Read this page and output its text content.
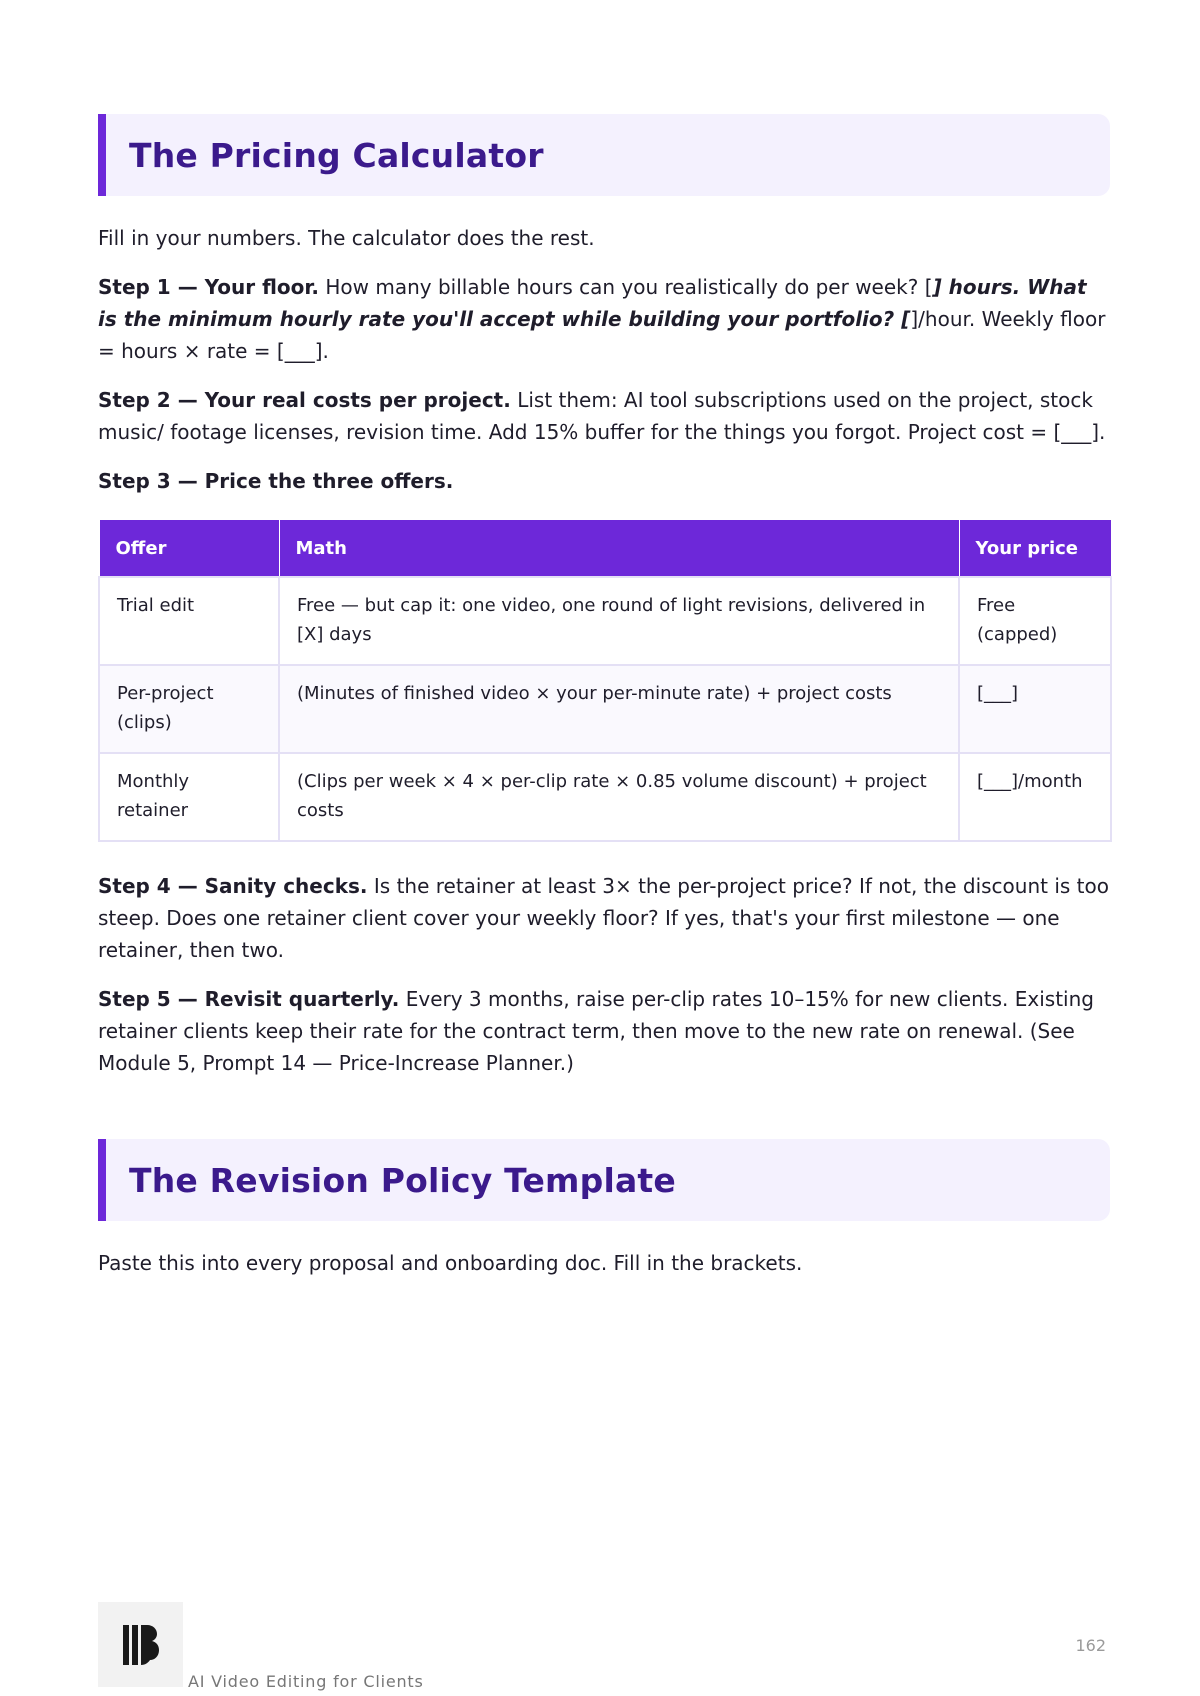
The Pricing Calculator

Fill in your numbers. The calculator does the rest.

Step 1 — Your floor. How many billable hours can you realistically do per week? [] hours. What is the minimum hourly rate you'll accept while building your portfolio? []/hour. Weekly floor = hours × rate = [___].

Step 2 — Your real costs per project. List them: AI tool subscriptions used on the project, stock music/ footage licenses, revision time. Add 15% buffer for the things you forgot. Project cost = [___].

Step 3 — Price the three offers.

Offer	Math	Your price
Trial edit	Free — but cap it: one video, one round of light revisions, delivered in [X] days	Free (capped)
Per-project (clips)	(Minutes of finished video × your per-minute rate) + project costs	[___]
Monthly retainer	(Clips per week × 4 × per-clip rate × 0.85 volume discount) + project costs	[___]/month

Step 4 — Sanity checks. Is the retainer at least 3× the per-project price? If not, the discount is too steep. Does one retainer client cover your weekly floor? If yes, that's your first milestone — one retainer, then two.

Step 5 — Revisit quarterly. Every 3 months, raise per-clip rates 10–15% for new clients. Existing retainer clients keep their rate for the contract term, then move to the new rate on renewal. (See Module 5, Prompt 14 — Price-Increase Planner.)

The Revision Policy Template

Paste this into every proposal and onboarding doc. Fill in the brackets.

AI Video Editing for Clients
162
